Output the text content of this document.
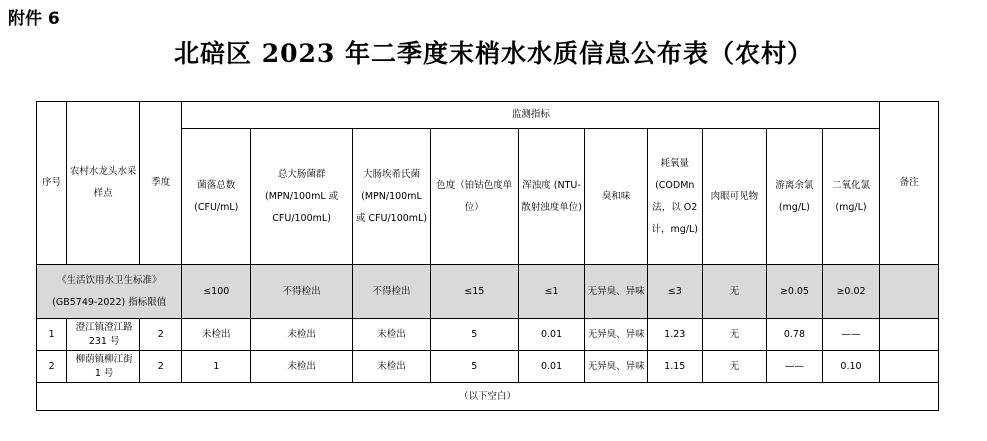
附件 6
北碚区 2023 年二季度末梢水水质信息公布表（农村）
序号	农村水龙头水采样点	季度	监测指标										备注
			菌落总数 (CFU/mL)	总大肠菌群 (MPN/100mL 或 CFU/100mL)	大肠埃希氏菌 (MPN/100mL 或 CFU/100mL)	色度（铂钴色度单位）	浑浊度 (NTU-散射浊度单位)	臭和味	耗氧量 (CODMn 法，以 O2 计，mg/L)	肉眼可见物	游离余氯 (mg/L)	二氧化氯 (mg/L)	
《生活饮用水卫生标准》(GB5749-2022) 指标限值			≤100	不得检出	不得检出	≤15	≤1	无异臭、异味	≤3	无	≥0.05	≥0.02	
1	澄江镇澄江路 231 号	2	未检出	未检出	未检出	5	0.01	无异臭、异味	1.23	无	0.78	——	
2	柳荫镇柳江街 1 号	2	1	未检出	未检出	5	0.01	无异臭、异味	1.15	无	——	0.10	
（以下空白）													
